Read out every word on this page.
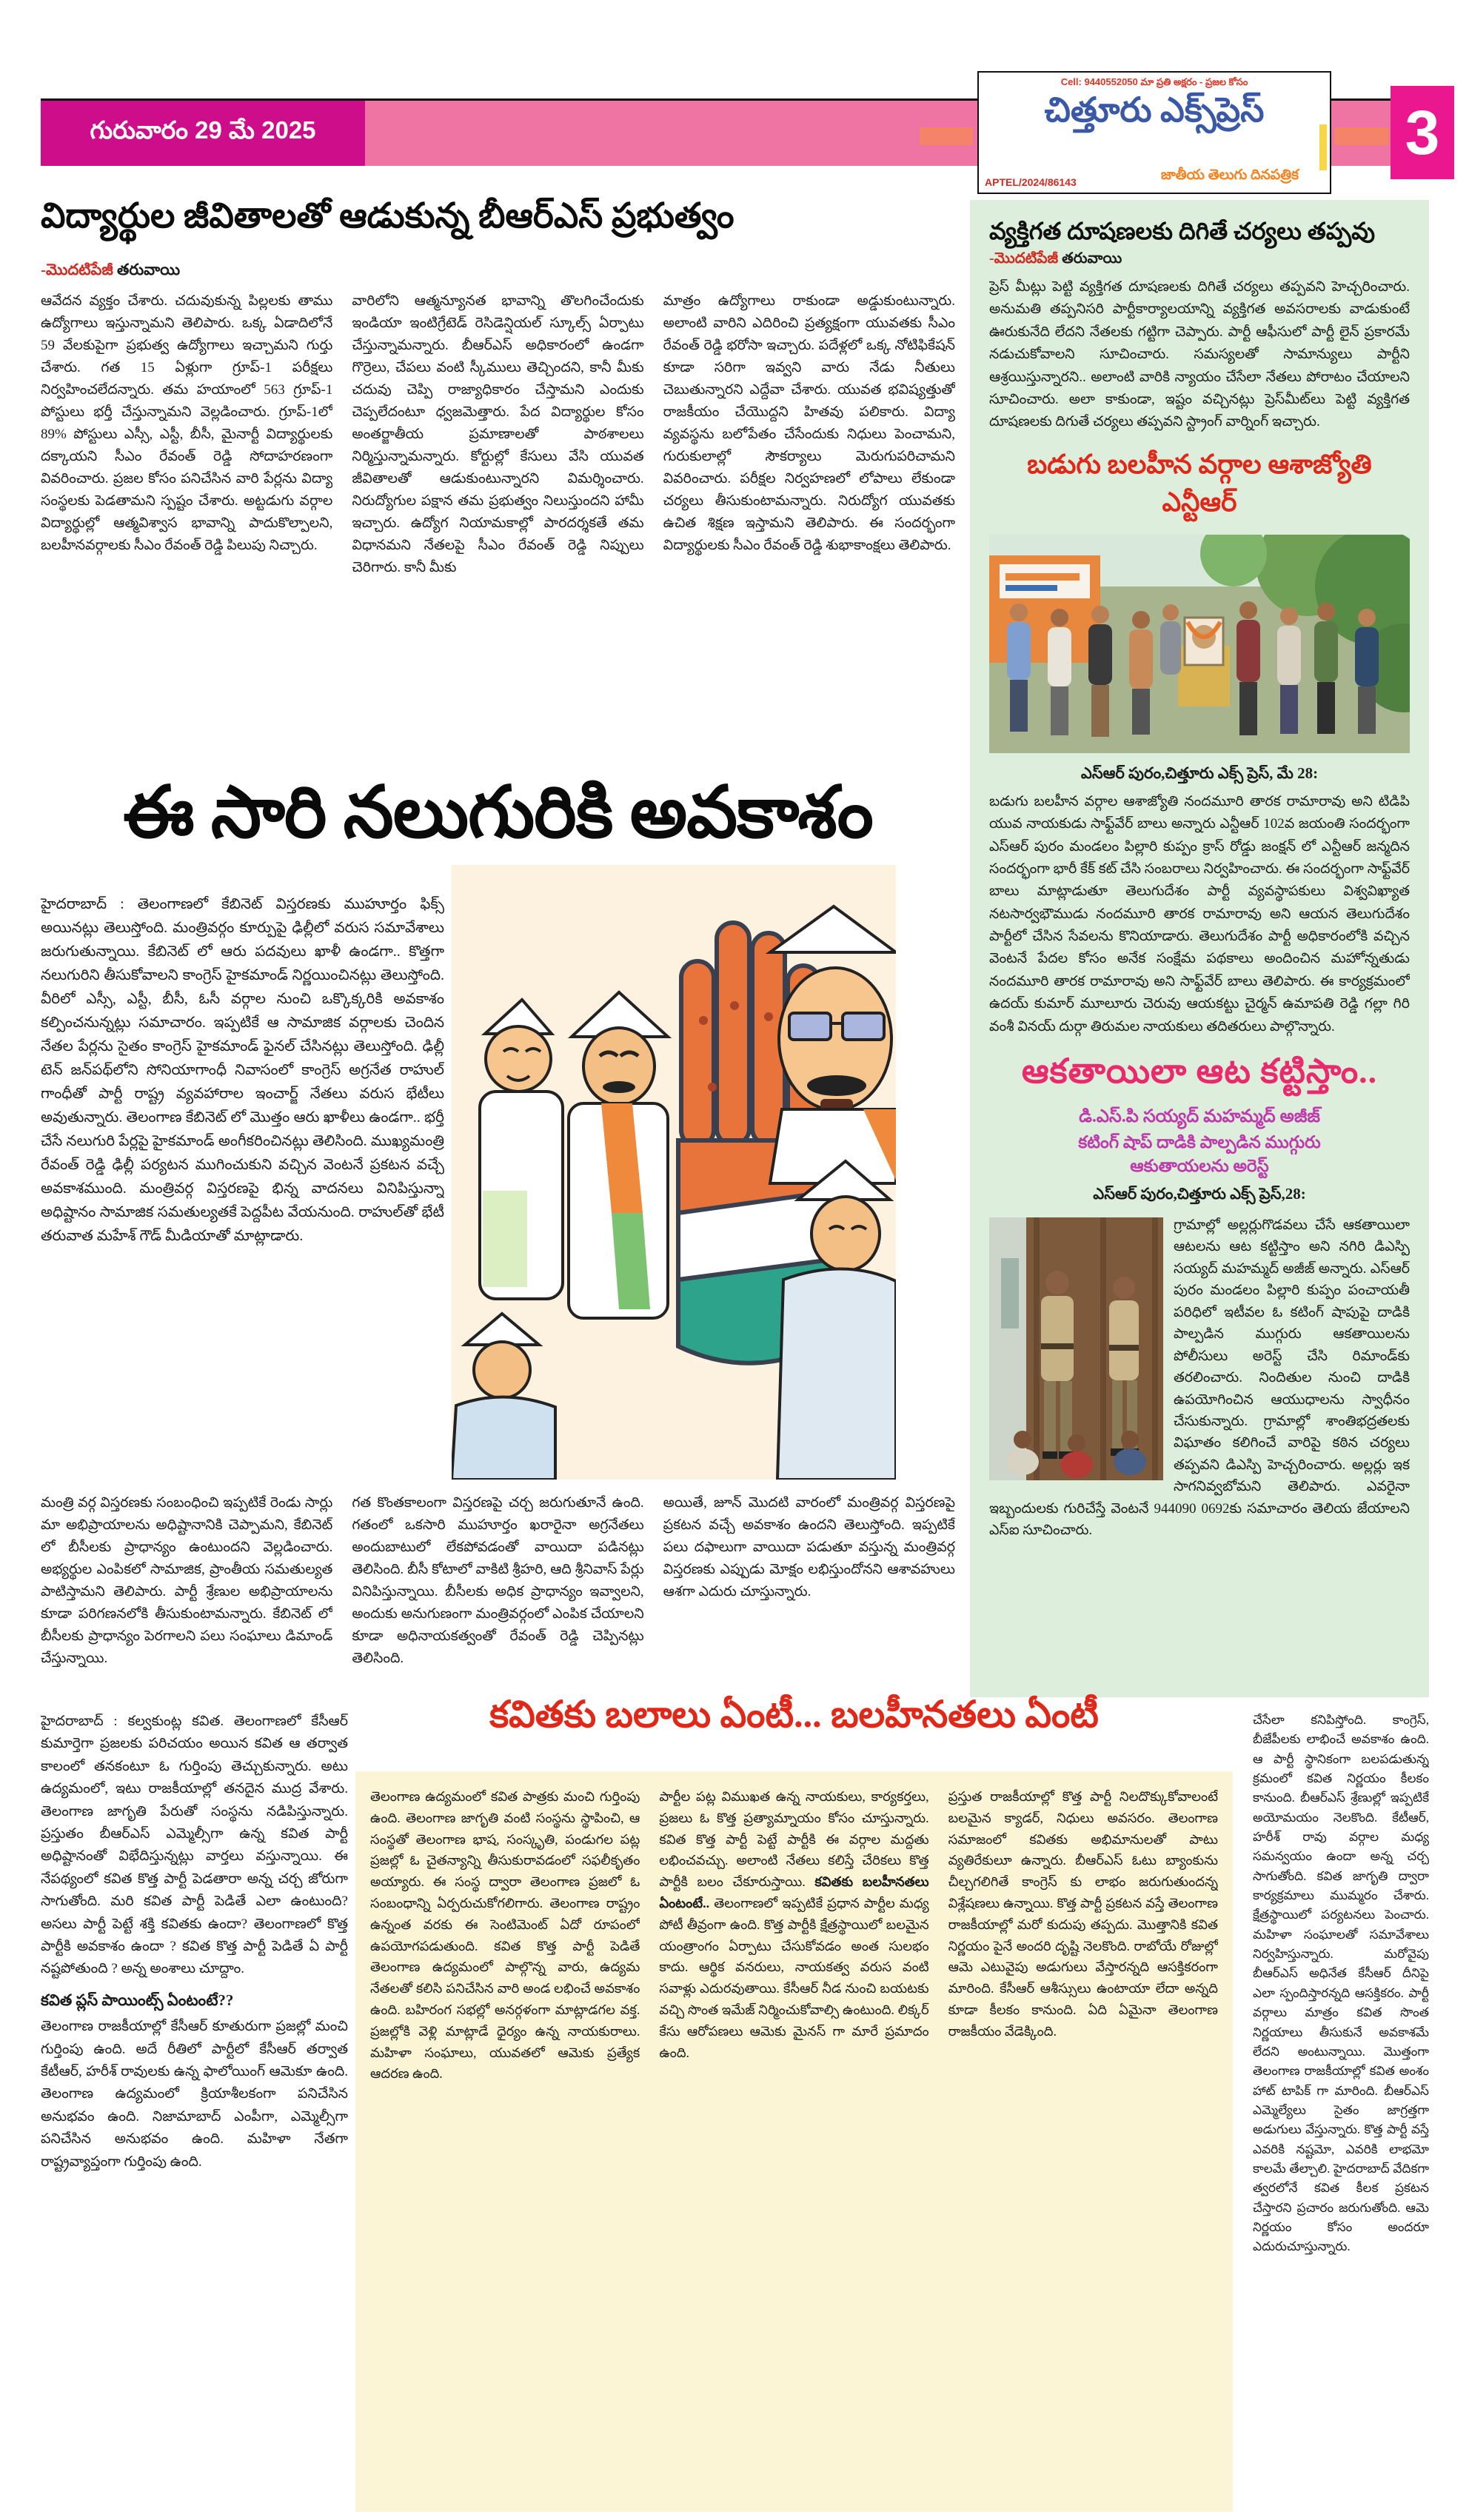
గురువారం 29 మే 2025
Cell: 9440552050 మా ప్రతి అక్షరం - ప్రజల కోసం
చిత్తూరు ఎక్స్‌ప్రెస్
APTEL/2024/86143	జాతీయ తెలుగు దినపత్రిక
3
విద్యార్థుల జీవితాలతో ఆడుకున్న బీఆర్ఎస్ ప్రభుత్వం
-మొదటిపేజీ తరువాయి
ఆవేదన వ్యక్తం చేశారు. చదువుకున్న పిల్లలకు తాము ఉద్యోగాలు ఇస్తున్నామని తెలిపారు. ఒక్క ఏడాదిలోనే 59 వేలకుపైగా ప్రభుత్వ ఉద్యోగాలు ఇచ్చామని గుర్తు చేశారు. గత 15 ఏళ్లుగా గ్రూప్-1 పరీక్షలు నిర్వహించలేదన్నారు. తమ హయాంలో 563 గ్రూప్-1 పోస్టులు భర్తీ చేస్తున్నామని వెల్లడించారు. గ్రూప్-1లో 89% పోస్టులు ఎస్సీ, ఎస్టీ, బీసీ, మైనార్టీ విద్యార్థులకు దక్కాయని సీఎం రేవంత్ రెడ్డి సోదాహరణంగా వివరించారు. ప్రజల కోసం పనిచేసిన వారి పేర్లను విద్యా సంస్థలకు పెడతామని స్పష్టం చేశారు. అట్టడుగు వర్గాల విద్యార్థుల్లో ఆత్మవిశ్వాస భావాన్ని పాదుకొల్పాలని, బలహీనవర్గాలకు సీఎం రేవంత్ రెడ్డి పిలుపు నిచ్చారు.
వారిలోని ఆత్మన్యూనత భావాన్ని తొలగించేందుకు ఇండియా ఇంటిగ్రేటెడ్ రెసిడెన్షియల్ స్కూల్స్ ఏర్పాటు చేస్తున్నామన్నారు. బీఆర్ఎస్ అధికారంలో ఉండగా గొర్రెలు, చేపలు వంటి స్కీములు తెచ్చిందని, కానీ మీకు చదువు చెప్పి రాజ్యాధికారం చేస్తామని ఎందుకు చెప్పలేదంటూ ధ్వజమెత్తారు. పేద విద్యార్థుల కోసం అంతర్జాతీయ ప్రమాణాలతో పాఠశాలలు నిర్మిస్తున్నామన్నారు. కోర్టుల్లో కేసులు వేసి యువత జీవితాలతో ఆడుకుంటున్నారని విమర్శించారు. నిరుద్యోగుల పక్షాన తమ ప్రభుత్వం నిలుస్తుందని హామీ ఇచ్చారు. ఉద్యోగ నియామకాల్లో పారదర్శకతే తమ విధానమని నేతలపై సీఎం రేవంత్ రెడ్డి నిప్పులు చెరిగారు. కానీ మీకు
మాత్రం ఉద్యోగాలు రాకుండా అడ్డుకుంటున్నారు. అలాంటి వారిని ఎదిరించి ప్రత్యక్షంగా యువతకు సీఎం రేవంత్ రెడ్డి భరోసా ఇచ్చారు. పదేళ్లలో ఒక్క నోటిఫికేషన్ కూడా సరిగా ఇవ్వని వారు నేడు నీతులు చెబుతున్నారని ఎద్దేవా చేశారు. యువత భవిష్యత్తుతో రాజకీయం చేయొద్దని హితవు పలికారు. విద్యా వ్యవస్థను బలోపేతం చేసేందుకు నిధులు పెంచామని, గురుకులాల్లో సౌకర్యాలు మెరుగుపరిచామని వివరించారు. పరీక్షల నిర్వహణలో లోపాలు లేకుండా చర్యలు తీసుకుంటామన్నారు. నిరుద్యోగ యువతకు ఉచిత శిక్షణ ఇస్తామని తెలిపారు. ఈ సందర్భంగా విద్యార్థులకు సీఎం రేవంత్ రెడ్డి శుభాకాంక్షలు తెలిపారు.
ఈ సారి నలుగురికి అవకాశం
హైదరాబాద్ : తెలంగాణలో కేబినెట్ విస్తరణకు ముహూర్తం ఫిక్స్ అయినట్లు తెలుస్తోంది. మంత్రివర్గం కూర్పుపై ఢిల్లీలో వరుస సమావేశాలు జరుగుతున్నాయి. కేబినెట్ లో ఆరు పదవులు ఖాళీ ఉండగా.. కొత్తగా నలుగురిని తీసుకోవాలని కాంగ్రెస్ హైకమాండ్ నిర్ణయించినట్లు తెలుస్తోంది. వీరిలో ఎస్సీ, ఎస్టీ, బీసీ, ఓసీ వర్గాల నుంచి ఒక్కొక్కరికి అవకాశం కల్పించనున్నట్లు సమాచారం. ఇప్పటికే ఆ సామాజిక వర్గాలకు చెందిన నేతల పేర్లను సైతం కాంగ్రెస్ హైకమాండ్ ఫైనల్ చేసినట్లు తెలుస్తోంది. ఢిల్లీ టెన్ జన్‌పథ్‌లోని సోనియాగాంధీ నివాసంలో కాంగ్రెస్ అగ్రనేత రాహుల్ గాంధీతో పార్టీ రాష్ట్ర వ్యవహారాల ఇంచార్జ్ నేతలు వరుస భేటీలు అవుతున్నారు. తెలంగాణ కేబినెట్ లో మొత్తం ఆరు ఖాళీలు ఉండగా.. భర్తీ చేసే నలుగురి పేర్లపై హైకమాండ్ అంగీకరించినట్లు తెలిసింది. ముఖ్యమంత్రి రేవంత్ రెడ్డి ఢిల్లీ పర్యటన ముగించుకుని వచ్చిన వెంటనే ప్రకటన వచ్చే అవకాశముంది. మంత్రివర్గ విస్తరణపై భిన్న వాదనలు వినిపిస్తున్నా అధిష్టానం సామాజిక సమతుల్యతకే పెద్దపీట వేయనుంది. రాహుల్‌తో భేటీ తరువాత మహేశ్ గౌడ్ మీడియాతో మాట్లాడారు.
మంత్రి వర్గ విస్తరణకు సంబంధించి ఇప్పటికే రెండు సార్లు మా అభిప్రాయాలను అధిష్టానానికి చెప్పామని, కేబినెట్ లో బీసీలకు ప్రాధాన్యం ఉంటుందని వెల్లడించారు. అభ్యర్థుల ఎంపికలో సామాజిక, ప్రాంతీయ సమతుల్యత పాటిస్తామని తెలిపారు. పార్టీ శ్రేణుల అభిప్రాయాలను కూడా పరిగణనలోకి తీసుకుంటామన్నారు. కేబినెట్ లో బీసీలకు ప్రాధాన్యం పెరగాలని పలు సంఘాలు డిమాండ్ చేస్తున్నాయి.
గత కొంతకాలంగా విస్తరణపై చర్చ జరుగుతూనే ఉంది. గతంలో ఒకసారి ముహూర్తం ఖరారైనా అగ్రనేతలు అందుబాటులో లేకపోవడంతో వాయిదా పడినట్లు తెలిసింది. బీసీ కోటాలో వాకిటి శ్రీహరి, ఆది శ్రీనివాస్ పేర్లు వినిపిస్తున్నాయి. బీసీలకు అధిక ప్రాధాన్యం ఇవ్వాలని, అందుకు అనుగుణంగా మంత్రివర్గంలో ఎంపిక చేయాలని కూడా అధినాయకత్వంతో రేవంత్ రెడ్డి చెప్పినట్లు తెలిసింది.
అయితే, జూన్ మొదటి వారంలో మంత్రివర్గ విస్తరణపై ప్రకటన వచ్చే అవకాశం ఉందని తెలుస్తోంది. ఇప్పటికే పలు దఫాలుగా వాయిదా పడుతూ వస్తున్న మంత్రివర్గ విస్తరణకు ఎప్పుడు మోక్షం లభిస్తుందోనని ఆశావహులు ఆశగా ఎదురు చూస్తున్నారు.
వ్యక్తిగత దూషణలకు దిగితే చర్యలు తప్పవు
-మొదటిపేజీ తరువాయి
ప్రెస్ మీట్లు పెట్టి వ్యక్తిగత దూషణలకు దిగితే చర్యలు తప్పవని హెచ్చరించారు. అనుమతి తప్పనిసరి పార్టీకార్యాలయాన్ని వ్యక్తిగత అవసరాలకు వాడుకుంటే ఊరుకునేది లేదని నేతలకు గట్టిగా చెప్పారు. పార్టీ ఆఫీసులో పార్టీ లైన్ ప్రకారమే నడుచుకోవాలని సూచించారు. సమస్యలతో సామాన్యులు పార్టీని ఆశ్రయిస్తున్నారని.. అలాంటి వారికి న్యాయం చేసేలా నేతలు పోరాటం చేయాలని సూచించారు. అలా కాకుండా, ఇష్టం వచ్చినట్లు ప్రెస్‌మీట్‌లు పెట్టి వ్యక్తిగత దూషణలకు దిగుతే చర్యలు తప్పవని స్ట్రాంగ్ వార్నింగ్ ఇచ్చారు.
బడుగు బలహీన వర్గాల ఆశాజ్యోతి ఎన్టీఆర్
ఎస్ఆర్ పురం,చిత్తూరు ఎక్స్ ప్రెస్, మే 28:
బడుగు బలహీన వర్గాల ఆశాజ్యోతి నందమూరి తారక రామారావు అని టిడిపి యువ నాయకుడు సాఫ్ట్‌వేర్ బాలు అన్నారు ఎన్టీఆర్ 102వ జయంతి సందర్భంగా ఎస్ఆర్ పురం మండలం పిల్లారి కుప్పం క్రాస్ రోడ్డు జంక్షన్ లో ఎన్టీఆర్ జన్మదిన సందర్భంగా భారీ కేక్ కట్ చేసి సంబరాలు నిర్వహించారు. ఈ సందర్భంగా సాఫ్ట్‌వేర్ బాలు మాట్లాడుతూ తెలుగుదేశం పార్టీ వ్యవస్థాపకులు విశ్వవిఖ్యాత నటసార్వభౌముడు నందమూరి తారక రామారావు అని ఆయన తెలుగుదేశం పార్టీలో చేసిన సేవలను కొనియాడారు. తెలుగుదేశం పార్టీ అధికారంలోకి వచ్చిన వెంటనే పేదల కోసం అనేక సంక్షేమ పథకాలు అందించిన మహోన్నతుడు నందమూరి తారక రామారావు అని సాఫ్ట్‌వేర్ బాలు తెలిపారు. ఈ కార్యక్రమంలో ఉదయ్ కుమార్ మూలూరు చెరువు ఆయకట్టు చైర్మన్ ఉమాపతి రెడ్డి గల్లా గిరి వంశీ వినయ్ దుర్గా తిరుమల నాయకులు తదితరులు పాల్గొన్నారు.
ఆకతాయిలా ఆట కట్టిస్తాం..
డి.ఎస్.పి సయ్యద్ మహమ్మద్ అజీజ్
కటింగ్ షాప్ దాడికి పాల్పడిన ముగ్గురు
ఆకుతాయలను అరెస్ట్
ఎస్ఆర్ పురం,చిత్తూరు ఎక్స్ ప్రెస్,28:
గ్రామాల్లో అల్లర్లుగొడవలు చేసే ఆకతాయిలా ఆటలను ఆట కట్టిస్తాం అని నగిరి డిఎస్పి సయ్యద్ మహమ్మద్ అజీజ్ అన్నారు. ఎస్ఆర్ పురం మండలం పిల్లారి కుప్పం పంచాయతీ పరిధిలో ఇటీవల ఓ కటింగ్ షాపుపై దాడికి పాల్పడిన ముగ్గురు ఆకతాయిలను పోలీసులు అరెస్ట్ చేసి రిమాండ్‌కు తరలించారు. నిందితుల నుంచి దాడికి ఉపయోగించిన ఆయుధాలను స్వాధీనం చేసుకున్నారు. గ్రామాల్లో శాంతిభద్రతలకు విఘాతం కలిగించే వారిపై కఠిన చర్యలు తప్పవని డిఎస్పి హెచ్చరించారు. అల్లర్లు ఇక సాగనివ్వబోమని తెలిపారు. ఎవరైనా ఇబ్బందులకు గురిచేస్తే వెంటనే 944090 0692కు సమాచారం తెలియ జేయాలని ఎస్ఐ సూచించారు.
హైదరాబాద్ : కల్వకుంట్ల కవిత. తెలంగాణలో కేసీఆర్ కుమార్తెగా ప్రజలకు పరిచయం అయిన కవిత ఆ తర్వాత కాలంలో తనకంటూ ఓ గుర్తింపు తెచ్చుకున్నారు. అటు ఉద్యమంలో, ఇటు రాజకీయాల్లో తనదైన ముద్ర వేశారు. తెలంగాణ జాగృతి పేరుతో సంస్థను నడిపిస్తున్నారు. ప్రస్తుతం బీఆర్ఎస్ ఎమ్మెల్సీగా ఉన్న కవిత పార్టీ అధిష్టానంతో విభేదిస్తున్నట్లు వార్తలు వస్తున్నాయి. ఈ నేపథ్యంలో కవిత కొత్త పార్టీ పెడతారా అన్న చర్చ జోరుగా సాగుతోంది. మరి కవిత పార్టీ పెడితే ఎలా ఉంటుంది? అసలు పార్టీ పెట్టే శక్తి కవితకు ఉందా? తెలంగాణలో కొత్త పార్టీకి అవకాశం ఉందా ? కవిత కొత్త పార్టీ పెడితే ఏ పార్టీ నష్టపోతుంది ? అన్న అంశాలు చూద్దాం.
కవిత ప్లస్ పాయింట్స్ ఏంటంటే??
తెలంగాణ రాజకీయాల్లో కేసీఆర్ కూతురుగా ప్రజల్లో మంచి గుర్తింపు ఉంది. అదే రీతిలో పార్టీలో కేసీఆర్ తర్వాత కేటీఆర్, హరీశ్ రావులకు ఉన్న ఫాలోయింగ్ ఆమెకూ ఉంది. తెలంగాణ ఉద్యమంలో క్రియాశీలకంగా పనిచేసిన అనుభవం ఉంది. నిజామాబాద్ ఎంపీగా, ఎమ్మెల్సీగా పనిచేసిన అనుభవం ఉంది. మహిళా నేతగా రాష్ట్రవ్యాప్తంగా గుర్తింపు ఉంది.
కవితకు బలాలు ఏంటీ... బలహీనతలు ఏంటీ
తెలంగాణ ఉద్యమంలో కవిత పాత్రకు మంచి గుర్తింపు ఉంది. తెలంగాణ జాగృతి వంటి సంస్థను స్థాపించి, ఆ సంస్థతో తెలంగాణ భాష, సంస్కృతి, పండుగల పట్ల ప్రజల్లో ఓ చైతన్యాన్ని తీసుకురావడంలో సఫలీకృతం అయ్యారు. ఈ సంస్థ ద్వారా తెలంగాణ ప్రజలో ఓ సంబంధాన్ని ఏర్పరుచుకోగలిగారు. తెలంగాణ రాష్ట్రం ఉన్నంత వరకు ఈ సెంటిమెంట్ ఏదో రూపంలో ఉపయోగపడుతుంది. కవిత కొత్త పార్టీ పెడితే తెలంగాణ ఉద్యమంలో పాల్గొన్న వారు, ఉద్యమ నేతలతో కలిసి పనిచేసిన వారి అండ లభించే అవకాశం ఉంది. బహిరంగ సభల్లో అనర్గళంగా మాట్లాడగల వక్త. ప్రజల్లోకి వెళ్లి మాట్లాడే ధైర్యం ఉన్న నాయకురాలు. మహిళా సంఘాలు, యువతలో ఆమెకు ప్రత్యేక ఆదరణ ఉంది.
పార్టీల పట్ల విముఖత ఉన్న నాయకులు, కార్యకర్తలు, ప్రజలు ఓ కొత్త ప్రత్యామ్నాయం కోసం చూస్తున్నారు. కవిత కొత్త పార్టీ పెట్టే పార్టీకి ఈ వర్గాల మద్దతు లభించవచ్చు. అలాంటి నేతలు కలిస్తే చేరికలు కొత్త పార్టీకి బలం చేకూరుస్తాయి. కవితకు బలహీనతలు ఏంటంటే.. తెలంగాణలో ఇప్పటికే ప్రధాన పార్టీల మధ్య పోటీ తీవ్రంగా ఉంది. కొత్త పార్టీకి క్షేత్రస్థాయిలో బలమైన యంత్రాంగం ఏర్పాటు చేసుకోవడం అంత సులభం కాదు. ఆర్థిక వనరులు, నాయకత్వ వరుస వంటి సవాళ్లు ఎదురవుతాయి. కేసీఆర్ నీడ నుంచి బయటకు వచ్చి సొంత ఇమేజ్ నిర్మించుకోవాల్సి ఉంటుంది. లిక్కర్ కేసు ఆరోపణలు ఆమెకు మైనస్ గా మారే ప్రమాదం ఉంది.
ప్రస్తుత రాజకీయాల్లో కొత్త పార్టీ నిలదొక్కుకోవాలంటే బలమైన క్యాడర్, నిధులు అవసరం. తెలంగాణ సమాజంలో కవితకు అభిమానులతో పాటు వ్యతిరేకులూ ఉన్నారు. బీఆర్ఎస్ ఓటు బ్యాంకును చీల్చగలిగితే కాంగ్రెస్ కు లాభం జరుగుతుందన్న విశ్లేషణలు ఉన్నాయి. కొత్త పార్టీ ప్రకటన వస్తే తెలంగాణ రాజకీయాల్లో మరో కుదుపు తప్పదు. మొత్తానికి కవిత నిర్ణయం పైనే అందరి దృష్టి నెలకొంది. రాబోయే రోజుల్లో ఆమె ఎటువైపు అడుగులు వేస్తారన్నది ఆసక్తికరంగా మారింది. కేసీఆర్ ఆశీస్సులు ఉంటాయా లేదా అన్నది కూడా కీలకం కానుంది. ఏది ఏమైనా తెలంగాణ రాజకీయం వేడెక్కింది.
చేసేలా కనిపిస్తోంది. కాంగ్రెస్, బీజేపీలకు లాభించే అవకాశం ఉంది. ఆ పార్టీ స్థానికంగా బలపడుతున్న క్రమంలో కవిత నిర్ణయం కీలకం కానుంది. బీఆర్ఎస్ శ్రేణుల్లో ఇప్పటికే అయోమయం నెలకొంది. కేటీఆర్, హరీశ్ రావు వర్గాల మధ్య సమన్వయం ఉందా అన్న చర్చ సాగుతోంది. కవిత జాగృతి ద్వారా కార్యక్రమాలు ముమ్మరం చేశారు. క్షేత్రస్థాయిలో పర్యటనలు పెంచారు. మహిళా సంఘాలతో సమావేశాలు నిర్వహిస్తున్నారు. మరోవైపు బీఆర్ఎస్ అధినేత కేసీఆర్ దీనిపై ఎలా స్పందిస్తారన్నది ఆసక్తికరం. పార్టీ వర్గాలు మాత్రం కవిత సొంత నిర్ణయాలు తీసుకునే అవకాశమే లేదని అంటున్నాయి. మొత్తంగా తెలంగాణ రాజకీయాల్లో కవిత అంశం హాట్ టాపిక్ గా మారింది. బీఆర్ఎస్ ఎమ్మెల్యేలు సైతం జాగ్రత్తగా అడుగులు వేస్తున్నారు. కొత్త పార్టీ వస్తే ఎవరికి నష్టమో, ఎవరికి లాభమో కాలమే తేల్చాలి. హైదరాబాద్ వేదికగా త్వరలోనే కవిత కీలక ప్రకటన చేస్తారని ప్రచారం జరుగుతోంది. ఆమె నిర్ణయం కోసం అందరూ ఎదురుచూస్తున్నారు.
